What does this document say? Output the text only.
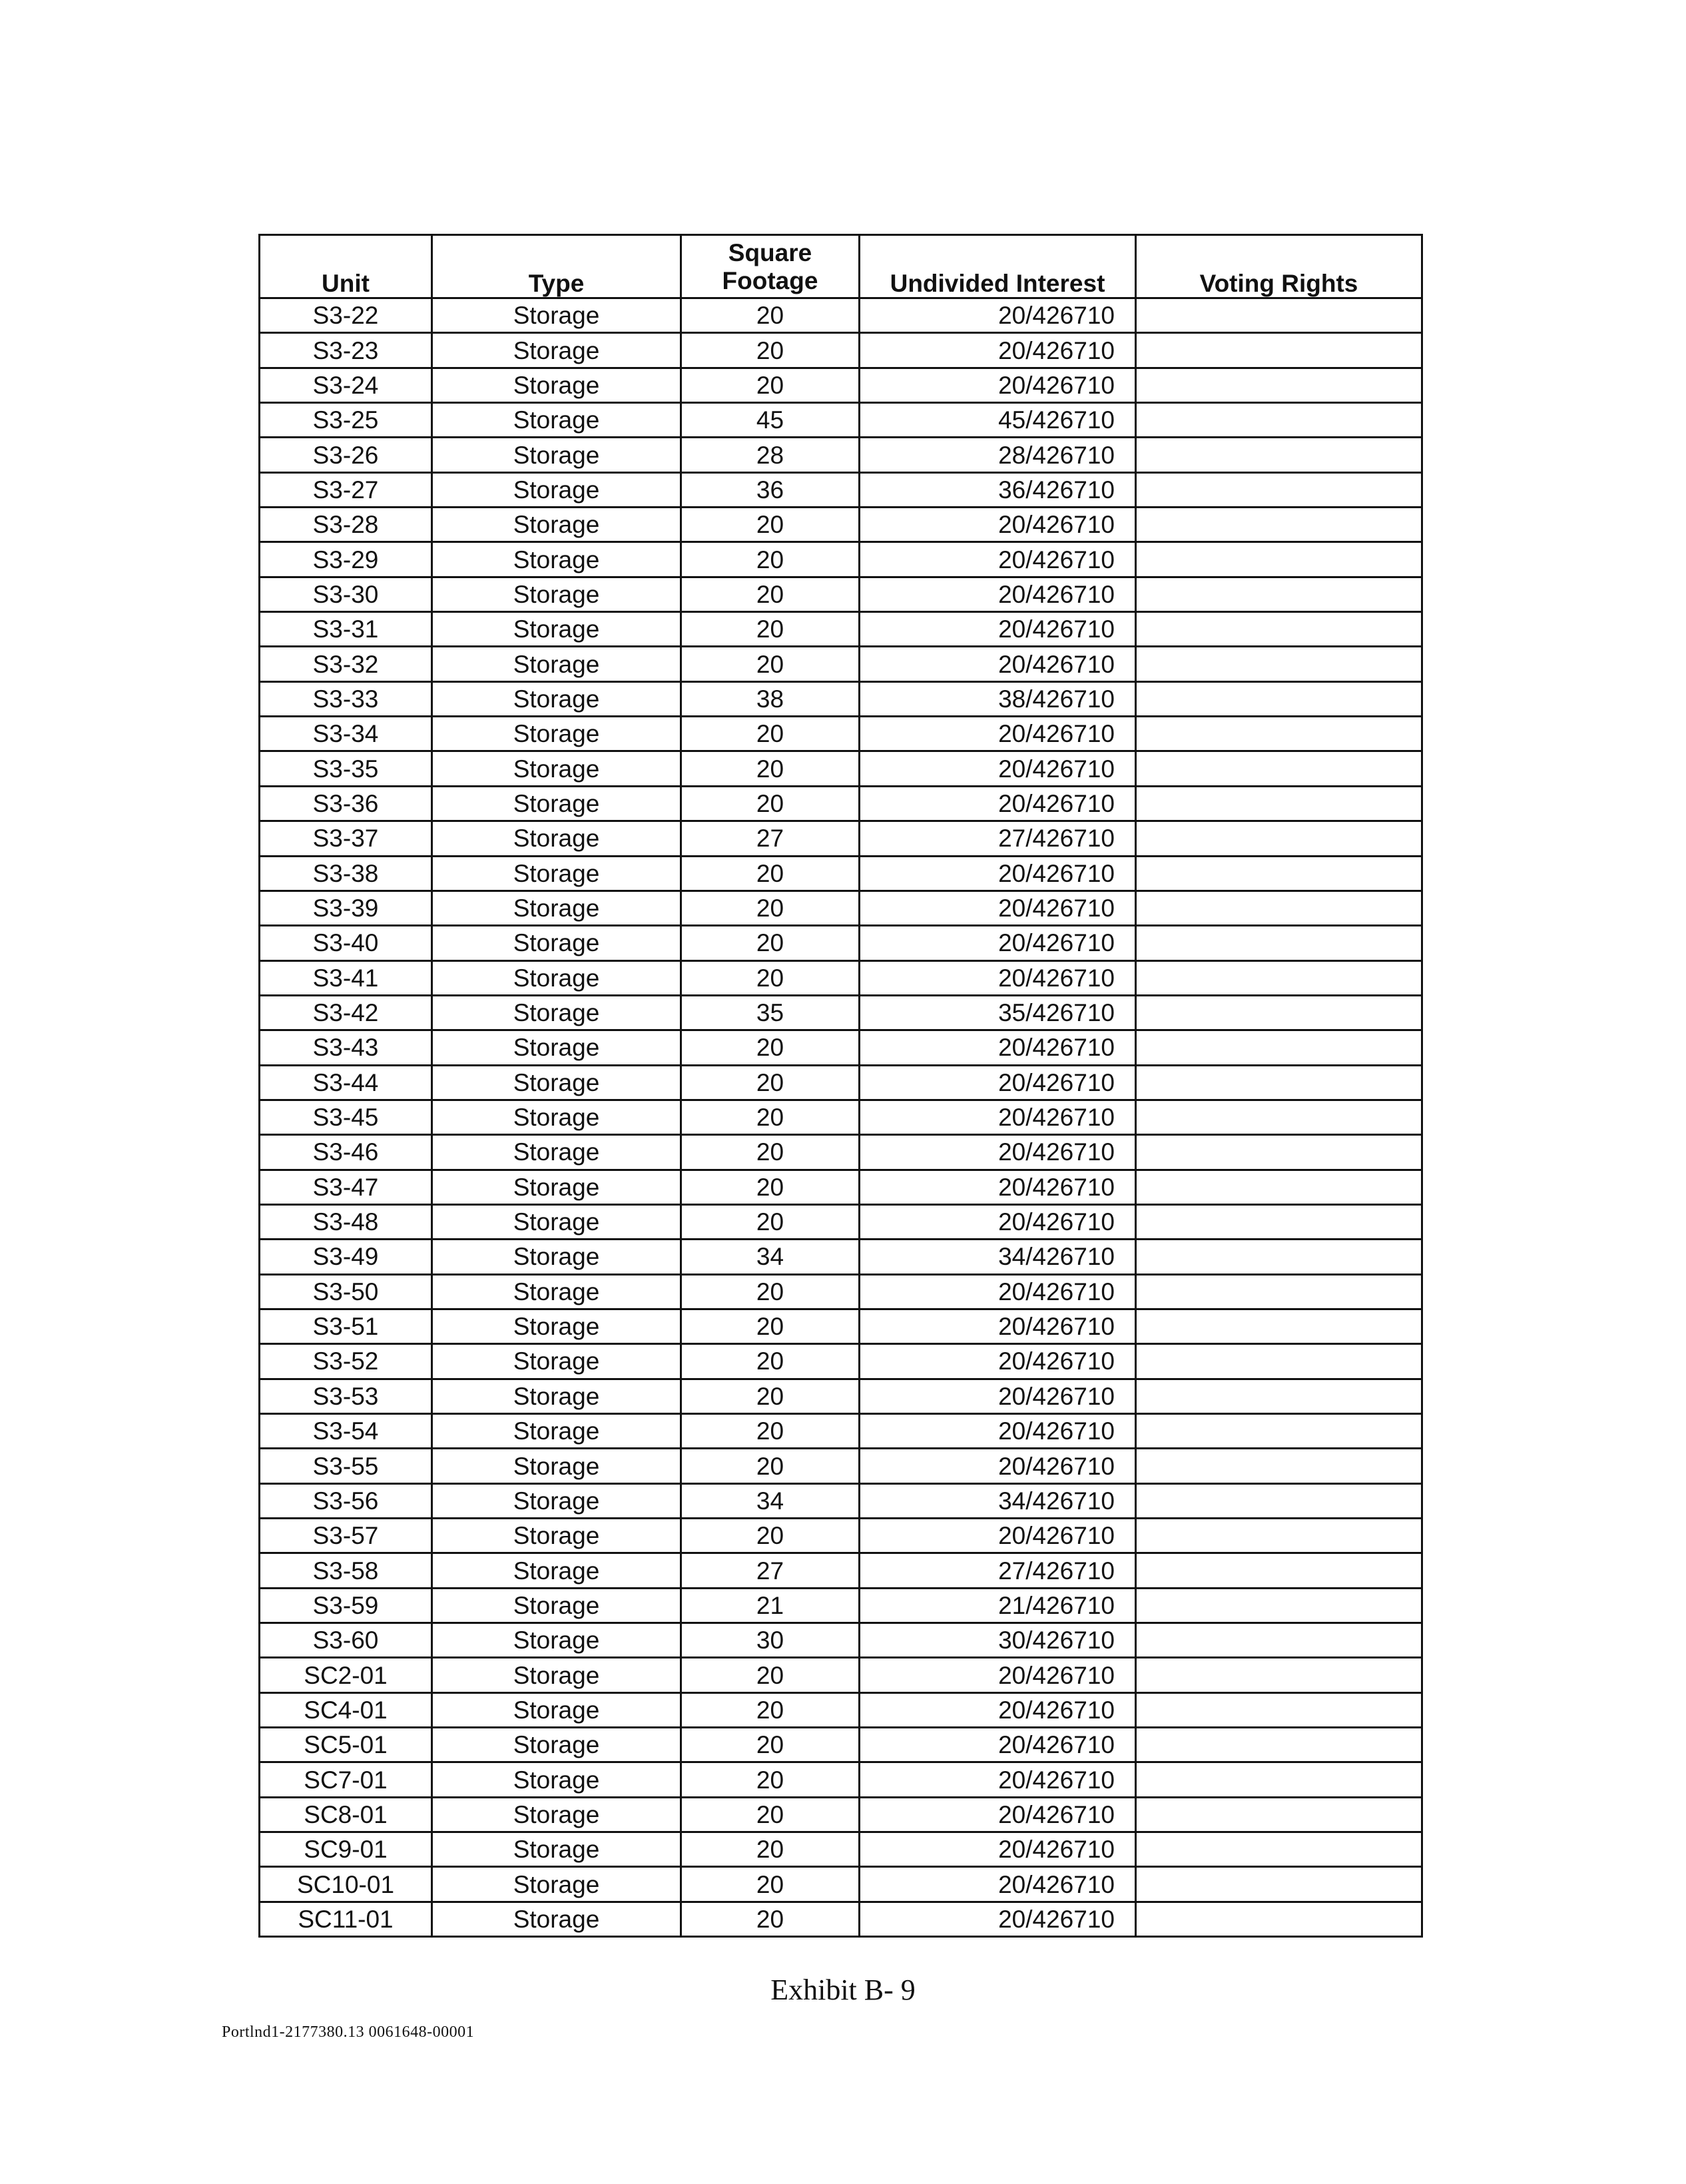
Unit	Type	Square Footage	Undivided Interest	Voting Rights
S3-22	Storage	20	20/426710	
S3-23	Storage	20	20/426710	
S3-24	Storage	20	20/426710	
S3-25	Storage	45	45/426710	
S3-26	Storage	28	28/426710	
S3-27	Storage	36	36/426710	
S3-28	Storage	20	20/426710	
S3-29	Storage	20	20/426710	
S3-30	Storage	20	20/426710	
S3-31	Storage	20	20/426710	
S3-32	Storage	20	20/426710	
S3-33	Storage	38	38/426710	
S3-34	Storage	20	20/426710	
S3-35	Storage	20	20/426710	
S3-36	Storage	20	20/426710	
S3-37	Storage	27	27/426710	
S3-38	Storage	20	20/426710	
S3-39	Storage	20	20/426710	
S3-40	Storage	20	20/426710	
S3-41	Storage	20	20/426710	
S3-42	Storage	35	35/426710	
S3-43	Storage	20	20/426710	
S3-44	Storage	20	20/426710	
S3-45	Storage	20	20/426710	
S3-46	Storage	20	20/426710	
S3-47	Storage	20	20/426710	
S3-48	Storage	20	20/426710	
S3-49	Storage	34	34/426710	
S3-50	Storage	20	20/426710	
S3-51	Storage	20	20/426710	
S3-52	Storage	20	20/426710	
S3-53	Storage	20	20/426710	
S3-54	Storage	20	20/426710	
S3-55	Storage	20	20/426710	
S3-56	Storage	34	34/426710	
S3-57	Storage	20	20/426710	
S3-58	Storage	27	27/426710	
S3-59	Storage	21	21/426710	
S3-60	Storage	30	30/426710	
SC2-01	Storage	20	20/426710	
SC4-01	Storage	20	20/426710	
SC5-01	Storage	20	20/426710	
SC7-01	Storage	20	20/426710	
SC8-01	Storage	20	20/426710	
SC9-01	Storage	20	20/426710	
SC10-01	Storage	20	20/426710	
SC11-01	Storage	20	20/426710	
Exhibit B- 9
Portlnd1-2177380.13 0061648-00001
